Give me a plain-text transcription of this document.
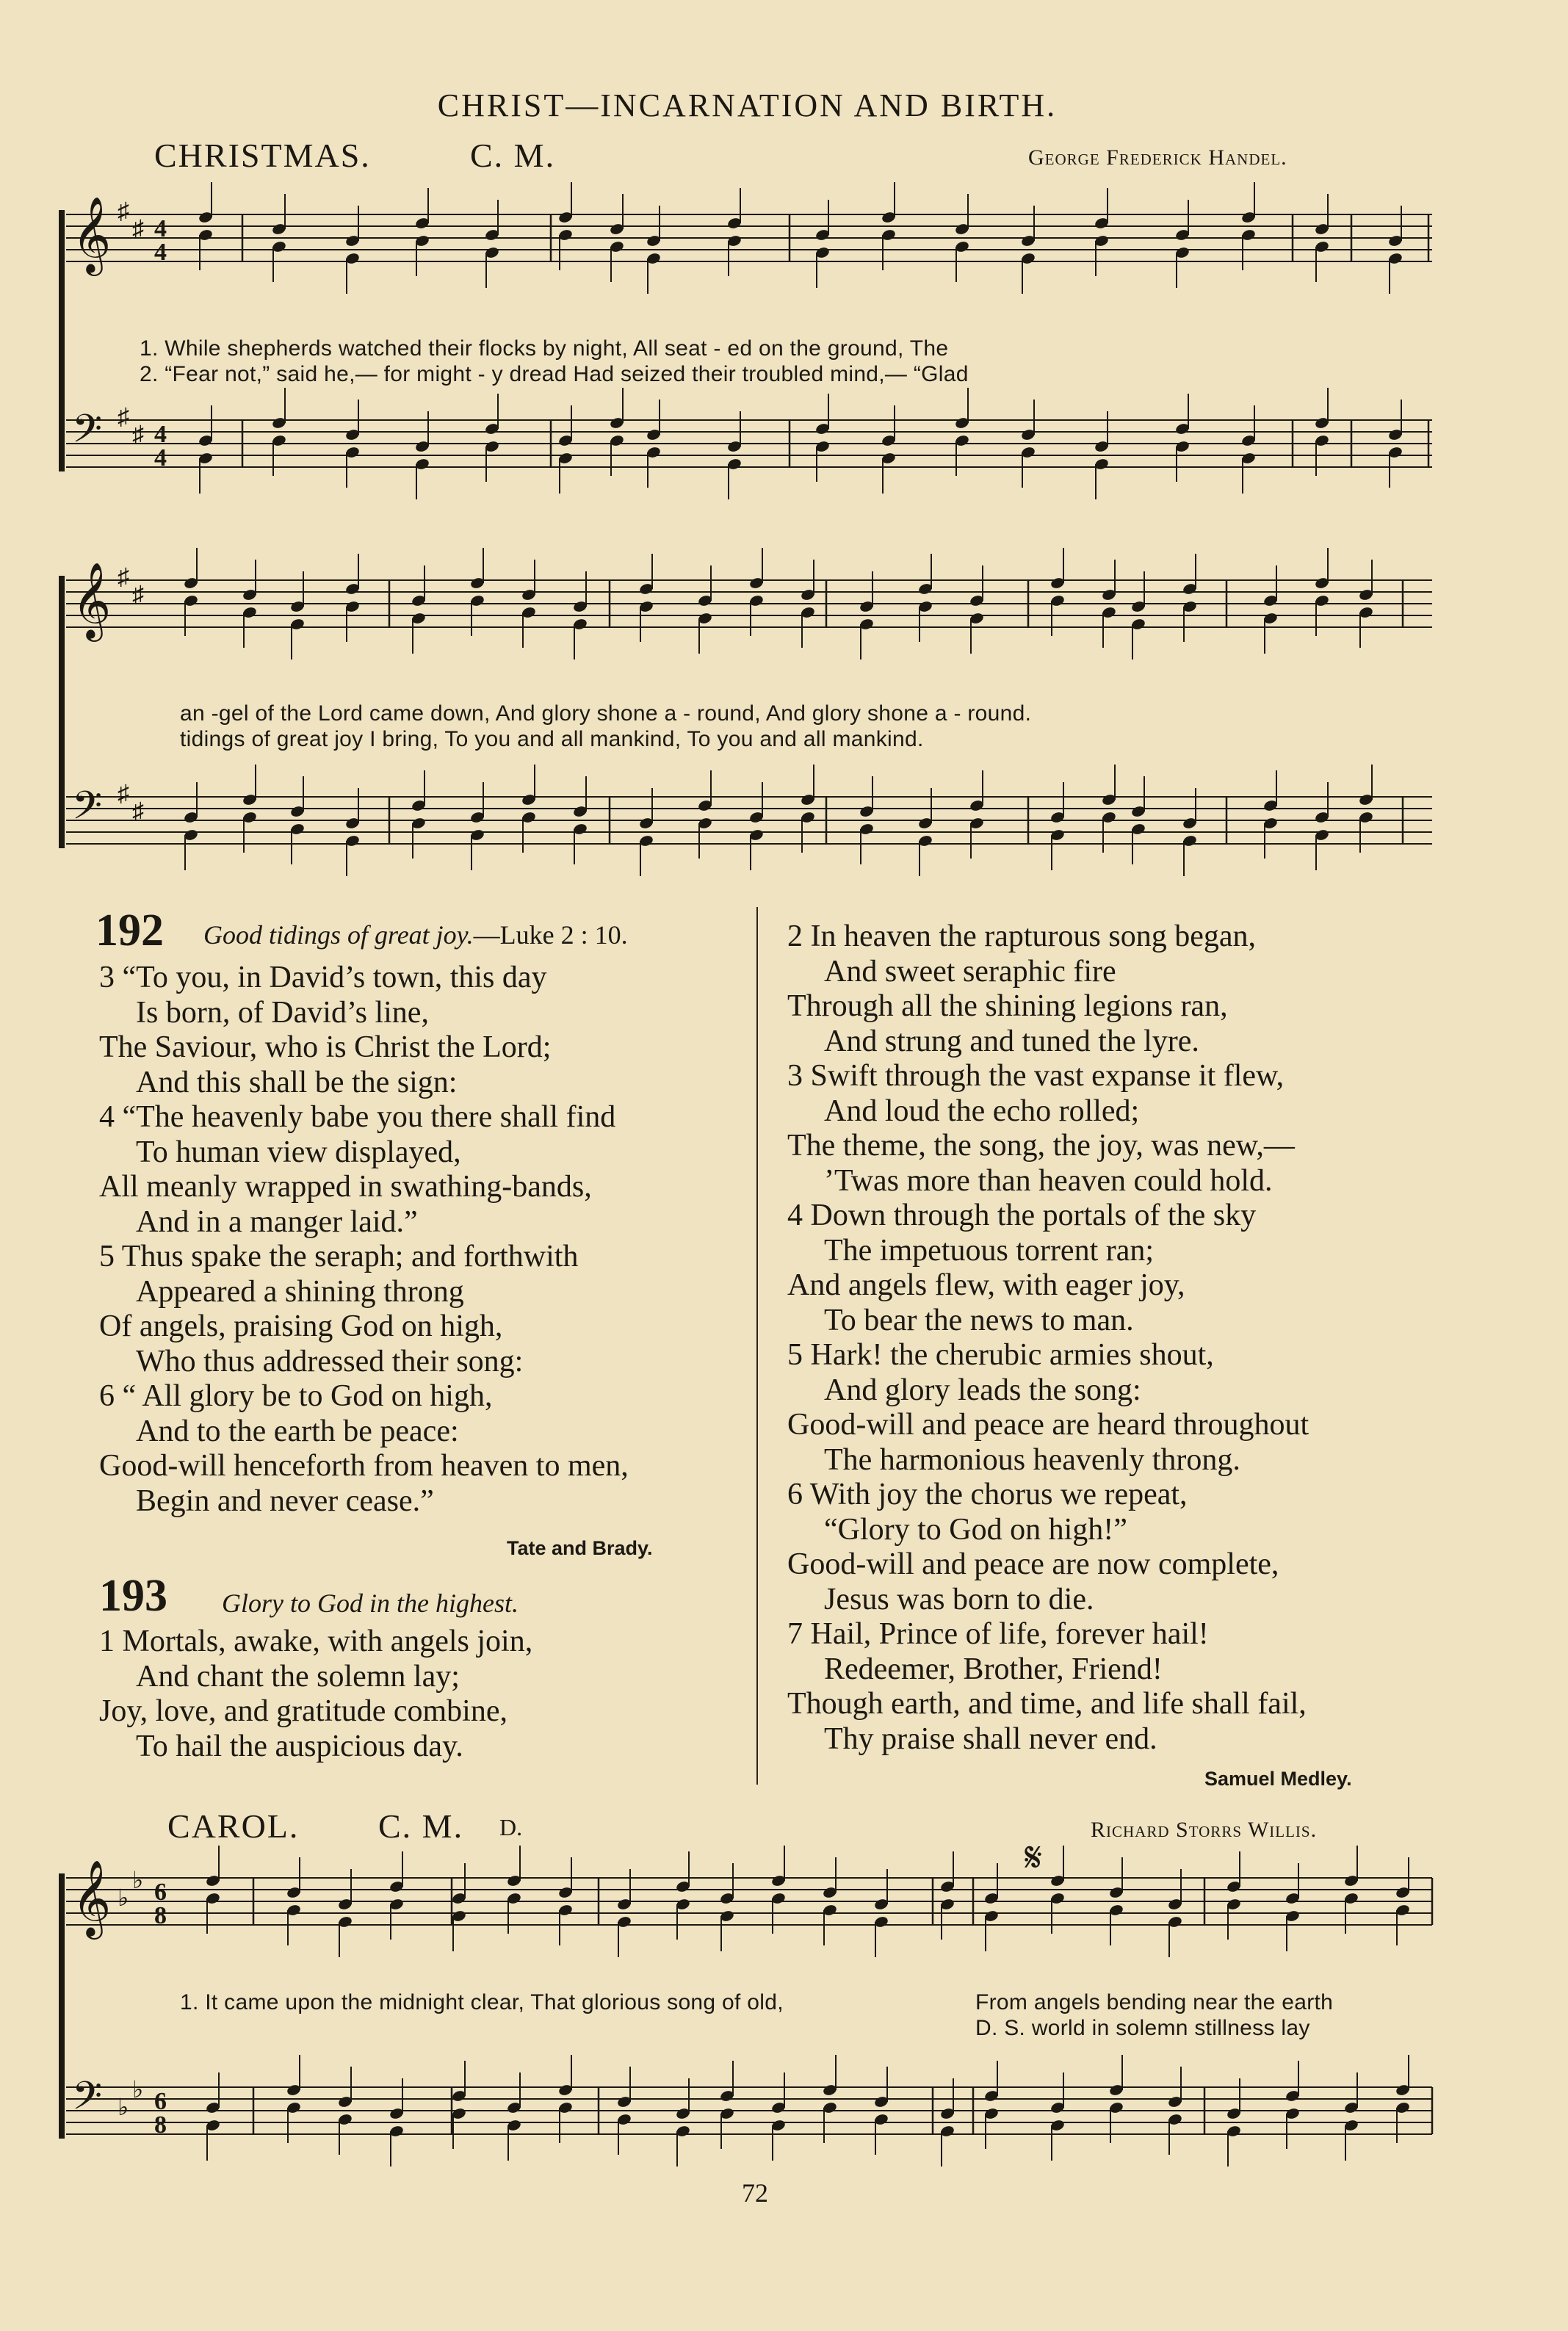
CHRIST—INCARNATION AND BIRTH.
CHRISTMAS.	C. M.	George Frederick Handel.
𝄞 ♯
♯ 4
4
𝄢 ♯
♯ 4
4
1. While shepherds watched their flocks by night, All seat - ed on the ground, The
2. “Fear not,” said he,— for might - y dread Had seized their troubled mind,— “Glad
𝄞 ♯
♯
𝄢 ♯
♯
an -gel of the Lord came down, And glory shone a - round, And glory shone a - round.
tidings of great joy I bring, To you and all mankind, To you and all mankind.
192 Good tidings of great joy.—Luke 2 : 10.
3 “To you, in David’s town, this day
Is born, of David’s line,
The Saviour, who is Christ the Lord;
And this shall be the sign:
4 “The heavenly babe you there shall find
To human view displayed,
All meanly wrapped in swathing-bands,
And in a manger laid.”
5 Thus spake the seraph; and forthwith
Appeared a shining throng
Of angels, praising God on high,
Who thus addressed their song:
6 “ All glory be to God on high,
And to the earth be peace:
Good-will henceforth from heaven to men,
Begin and never cease.”
Tate and Brady.
193 Glory to God in the highest.
1 Mortals, awake, with angels join,
And chant the solemn lay;
Joy, love, and gratitude combine,
To hail the auspicious day.
2 In heaven the rapturous song began,
And sweet seraphic fire
Through all the shining legions ran,
And strung and tuned the lyre.
3 Swift through the vast expanse it flew,
And loud the echo rolled;
The theme, the song, the joy, was new,—
’Twas more than heaven could hold.
4 Down through the portals of the sky
The impetuous torrent ran;
And angels flew, with eager joy,
To bear the news to man.
5 Hark! the cherubic armies shout,
And glory leads the song:
Good-will and peace are heard throughout
The harmonious heavenly throng.
6 With joy the chorus we repeat,
“Glory to God on high!”
Good-will and peace are now complete,
Jesus was born to die.
7 Hail, Prince of life, forever hail!
Redeemer, Brother, Friend!
Though earth, and time, and life shall fail,
Thy praise shall never end.
Samuel Medley.
CAROL. C. M. D.	Richard Storrs Willis.
𝄞 ♭
♭ 6
8
𝄢 ♭
♭ 6
8
𝄋
1. It came upon the midnight clear, That glorious song of old,	From angels bending near the earth
D. S. world in solemn stillness lay
72
